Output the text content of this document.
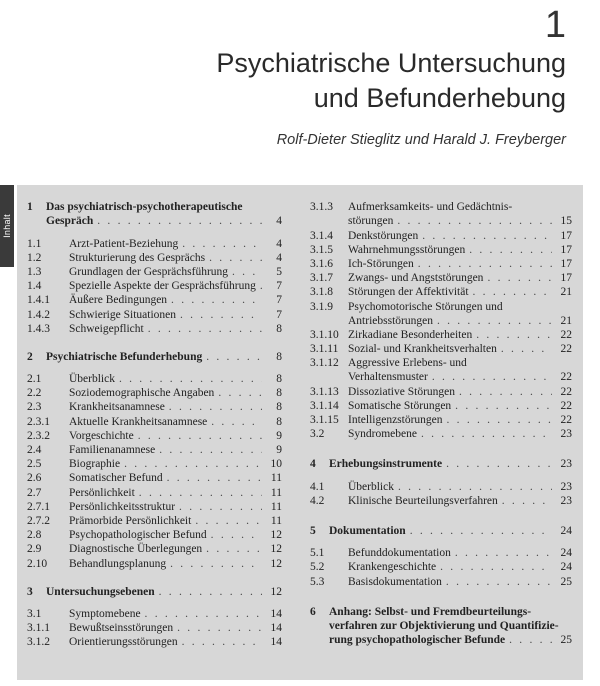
1
Psychiatrische Untersuchung
und Befunderhebung
Rolf-Dieter Stieglitz und Harald J. Freyberger
Inhalt
1	Das psychiatrisch-psychotherapeutische
Gespräch . . .	4
1.1	Arzt-Patient-Beziehung . . .	4
1.2	Strukturierung des Gesprächs . . .	4
1.3	Grundlagen der Gesprächsführung . . .	5
1.4	Spezielle Aspekte der Gesprächsführung . . .	7
1.4.1	Äußere Bedingungen . . .	7
1.4.2	Schwierige Situationen . . .	7
1.4.3	Schweigepflicht . . .	8
2	Psychiatrische Befunderhebung . . .	8
2.1	Überblick . . .	8
2.2	Soziodemographische Angaben . . .	8
2.3	Krankheitsanamnese . . .	8
2.3.1	Aktuelle Krankheitsanamnese . . .	8
2.3.2	Vorgeschichte . . .	9
2.4	Familienanamnese . . .	9
2.5	Biographie . . .	10
2.6	Somatischer Befund . . .	11
2.7	Persönlichkeit . . .	11
2.7.1	Persönlichkeitsstruktur . . .	11
2.7.2	Prämorbide Persönlichkeit . . .	11
2.8	Psychopathologischer Befund . . .	12
2.9	Diagnostische Überlegungen . . .	12
2.10	Behandlungsplanung . . .	12
3	Untersuchungsebenen . . .	12
3.1	Symptomebene . . .	14
3.1.1	Bewußtseinsstörungen . . .	14
3.1.2	Orientierungsstörungen . . .	14
3.1.3	Aufmerksamkeits- und Gedächtnis-
störungen . . .	15
3.1.4	Denkstörungen . . .	17
3.1.5	Wahrnehmungsstörungen . . .	17
3.1.6	Ich-Störungen . . .	17
3.1.7	Zwangs- und Angststörungen . . .	17
3.1.8	Störungen der Affektivität . . .	21
3.1.9	Psychomotorische Störungen und
Antriebsstörungen . . .	21
3.1.10 Zirkadiane Besonderheiten . . .	22
3.1.11 Sozial- und Krankheitsverhalten . . .	22
3.1.12 Aggressive Erlebens- und
Verhaltensmuster . . .	22
3.1.13 Dissoziative Störungen . . .	22
3.1.14 Somatische Störungen . . .	22
3.1.15 Intelligenzstörungen . . .	22
3.2	Syndromebene . . .	23
4	Erhebungsinstrumente . . .	23
4.1	Überblick . . .	23
4.2	Klinische Beurteilungsverfahren . . .	23
5	Dokumentation . . .	24
5.1	Befunddokumentation . . .	24
5.2	Krankengeschichte . . .	24
5.3	Basisdokumentation . . .	25
6	Anhang: Selbst- und Fremdbeurteilungs-
verfahren zur Objektivierung und Quantifizie-
rung psychopathologischer Befunde . . .	25
